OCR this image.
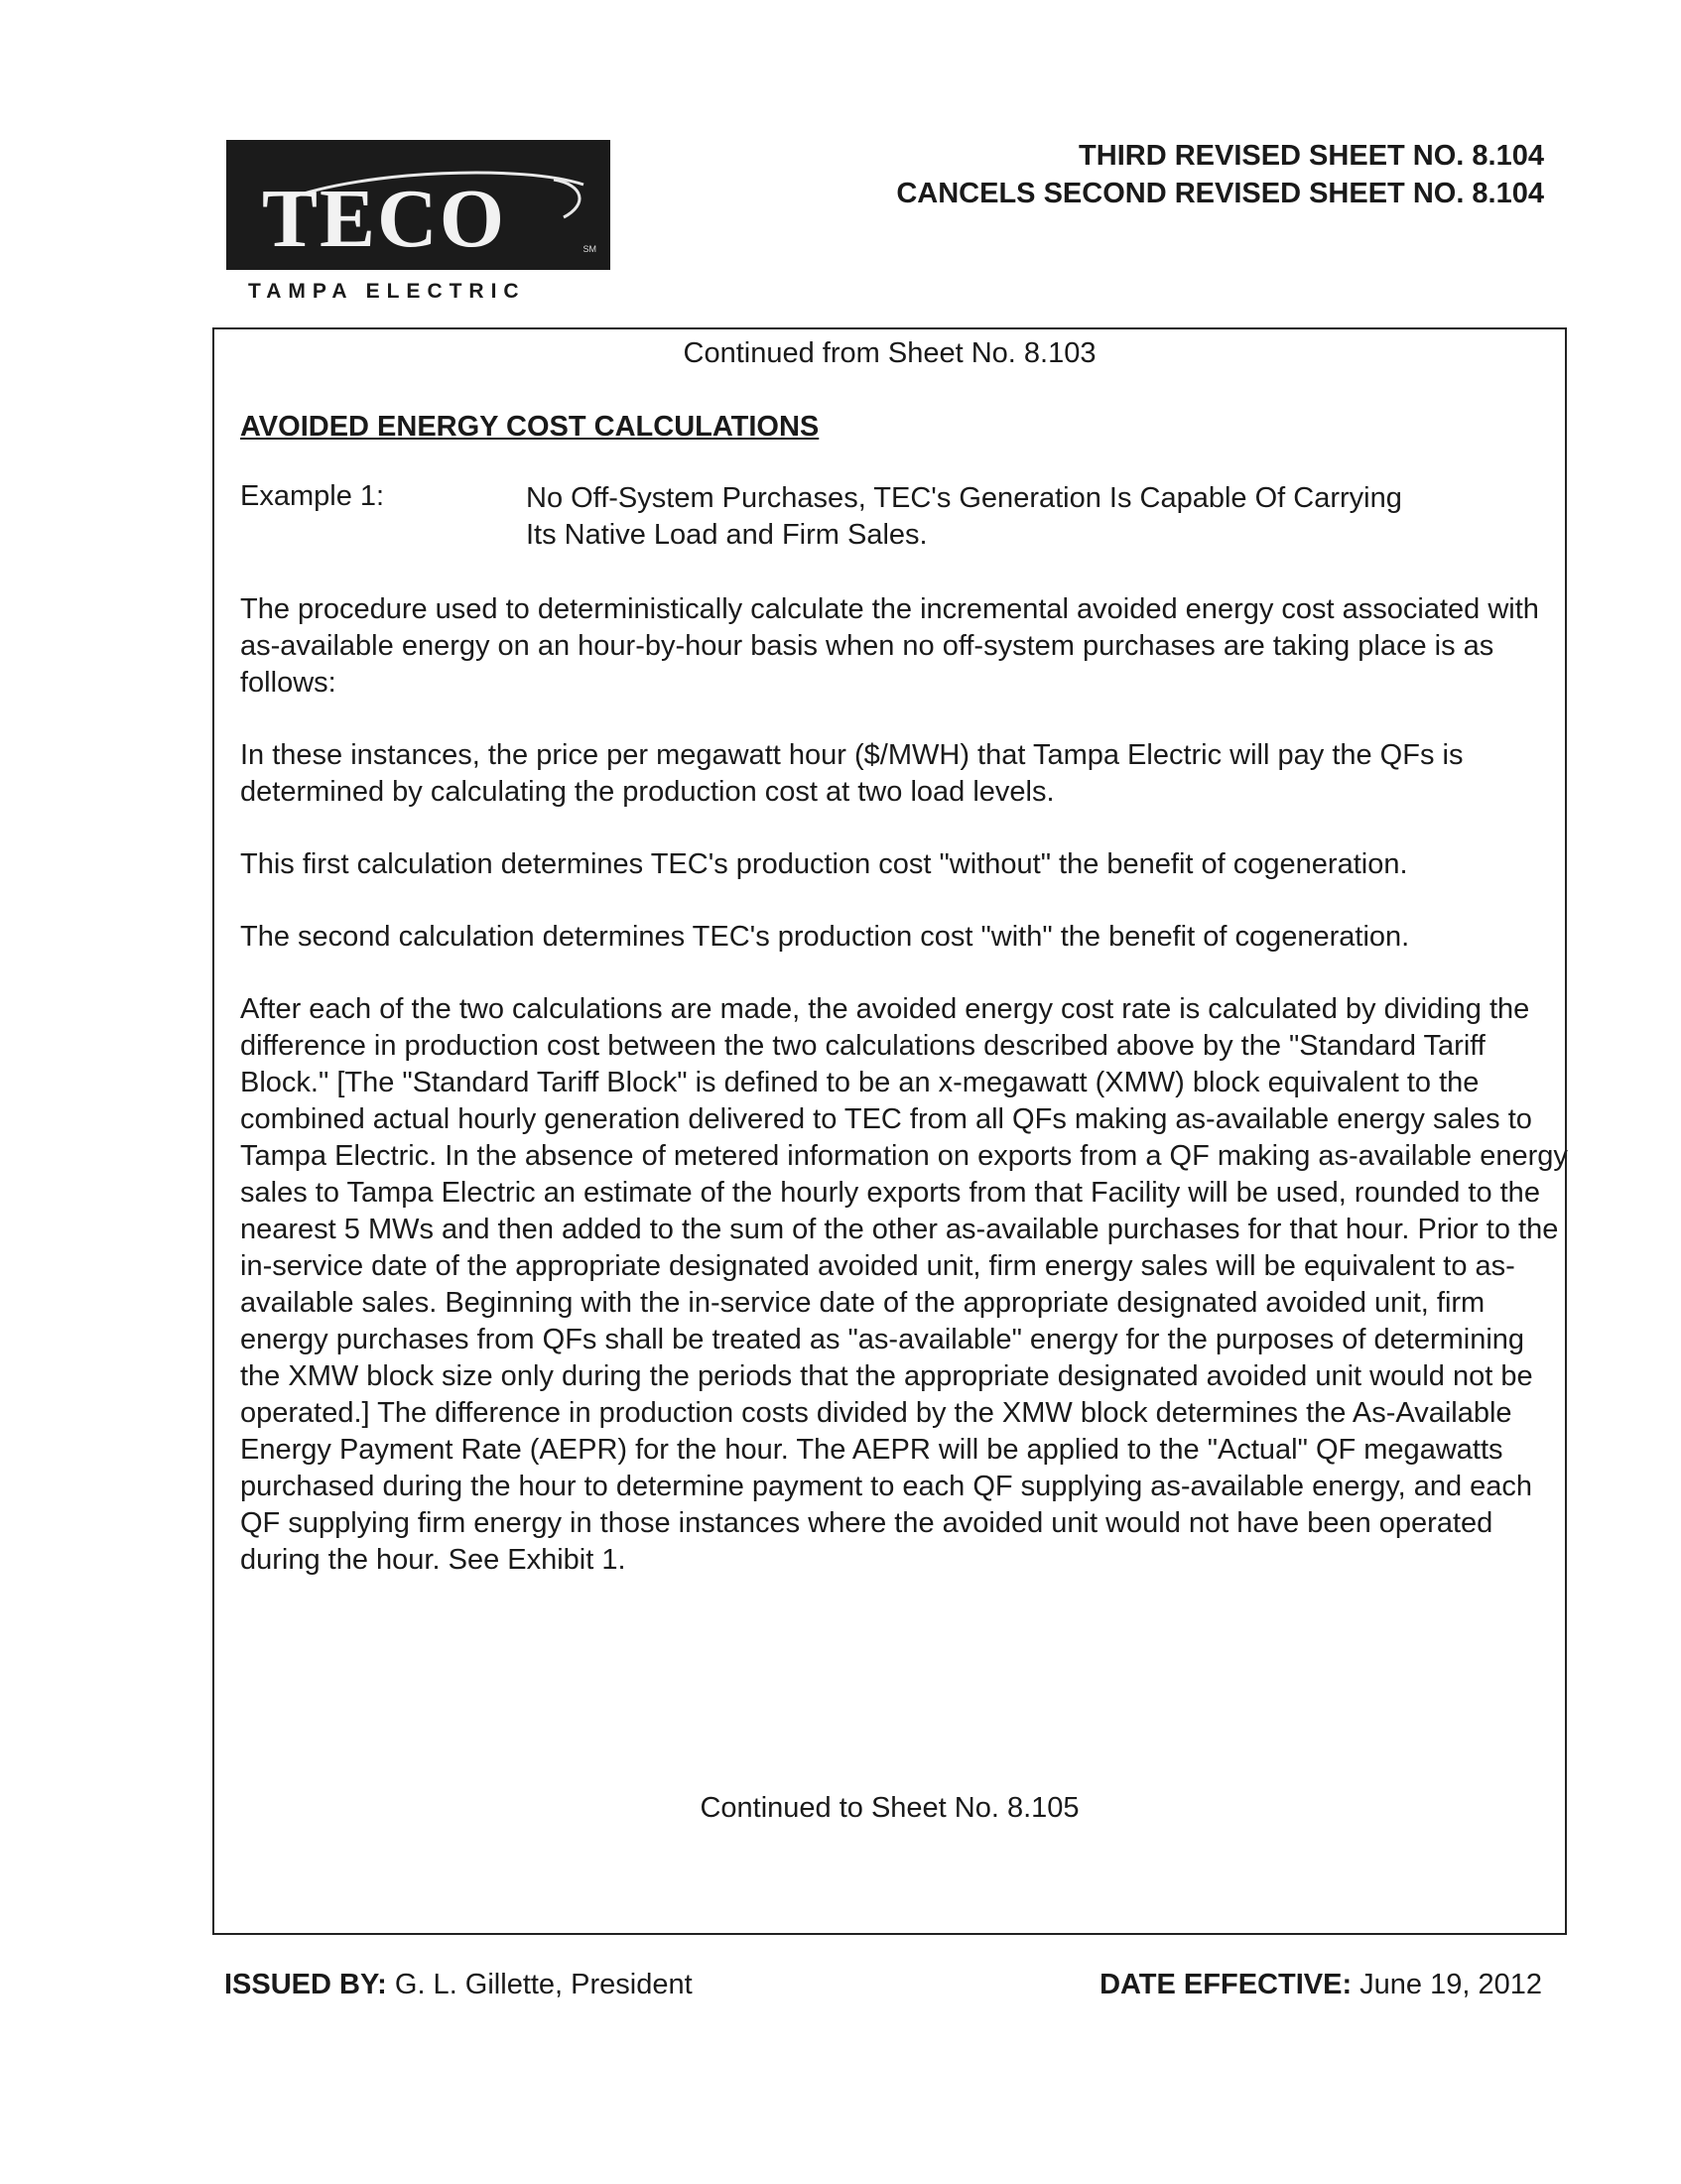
TECO	SM
TAMPA ELECTRIC
THIRD REVISED SHEET NO. 8.104
CANCELS SECOND REVISED SHEET NO. 8.104
Continued from Sheet No. 8.103
AVOIDED ENERGY COST CALCULATIONS
Example 1:	No Off-System Purchases, TEC's Generation Is Capable Of Carrying Its Native Load and Firm Sales.

The procedure used to deterministically calculate the incremental avoided energy cost associated with as-available energy on an hour-by-hour basis when no off-system purchases are taking place is as follows:

In these instances, the price per megawatt hour ($/MWH) that Tampa Electric will pay the QFs is determined by calculating the production cost at two load levels.

This first calculation determines TEC's production cost "without" the benefit of cogeneration.

The second calculation determines TEC's production cost "with" the benefit of cogeneration.

After each of the two calculations are made, the avoided energy cost rate is calculated by dividing the difference in production cost between the two calculations described above by the "Standard Tariff Block." [The "Standard Tariff Block" is defined to be an x-megawatt (XMW) block equivalent to the combined actual hourly generation delivered to TEC from all QFs making as-available energy sales to Tampa Electric. In the absence of metered information on exports from a QF making as-available energy sales to Tampa Electric an estimate of the hourly exports from that Facility will be used, rounded to the nearest 5 MWs and then added to the sum of the other as-available purchases for that hour. Prior to the in-service date of the appropriate designated avoided unit, firm energy sales will be equivalent to as-available sales. Beginning with the in-service date of the appropriate designated avoided unit, firm energy purchases from QFs shall be treated as "as-available" energy for the purposes of determining the XMW block size only during the periods that the appropriate designated avoided unit would not be operated.] The difference in production costs divided by the XMW block determines the As-Available Energy Payment Rate (AEPR) for the hour. The AEPR will be applied to the "Actual" QF megawatts purchased during the hour to determine payment to each QF supplying as-available energy, and each QF supplying firm energy in those instances where the avoided unit would not have been operated during the hour. See Exhibit 1.

Continued to Sheet No. 8.105
ISSUED BY: G. L. Gillette, President	DATE EFFECTIVE: June 19, 2012
